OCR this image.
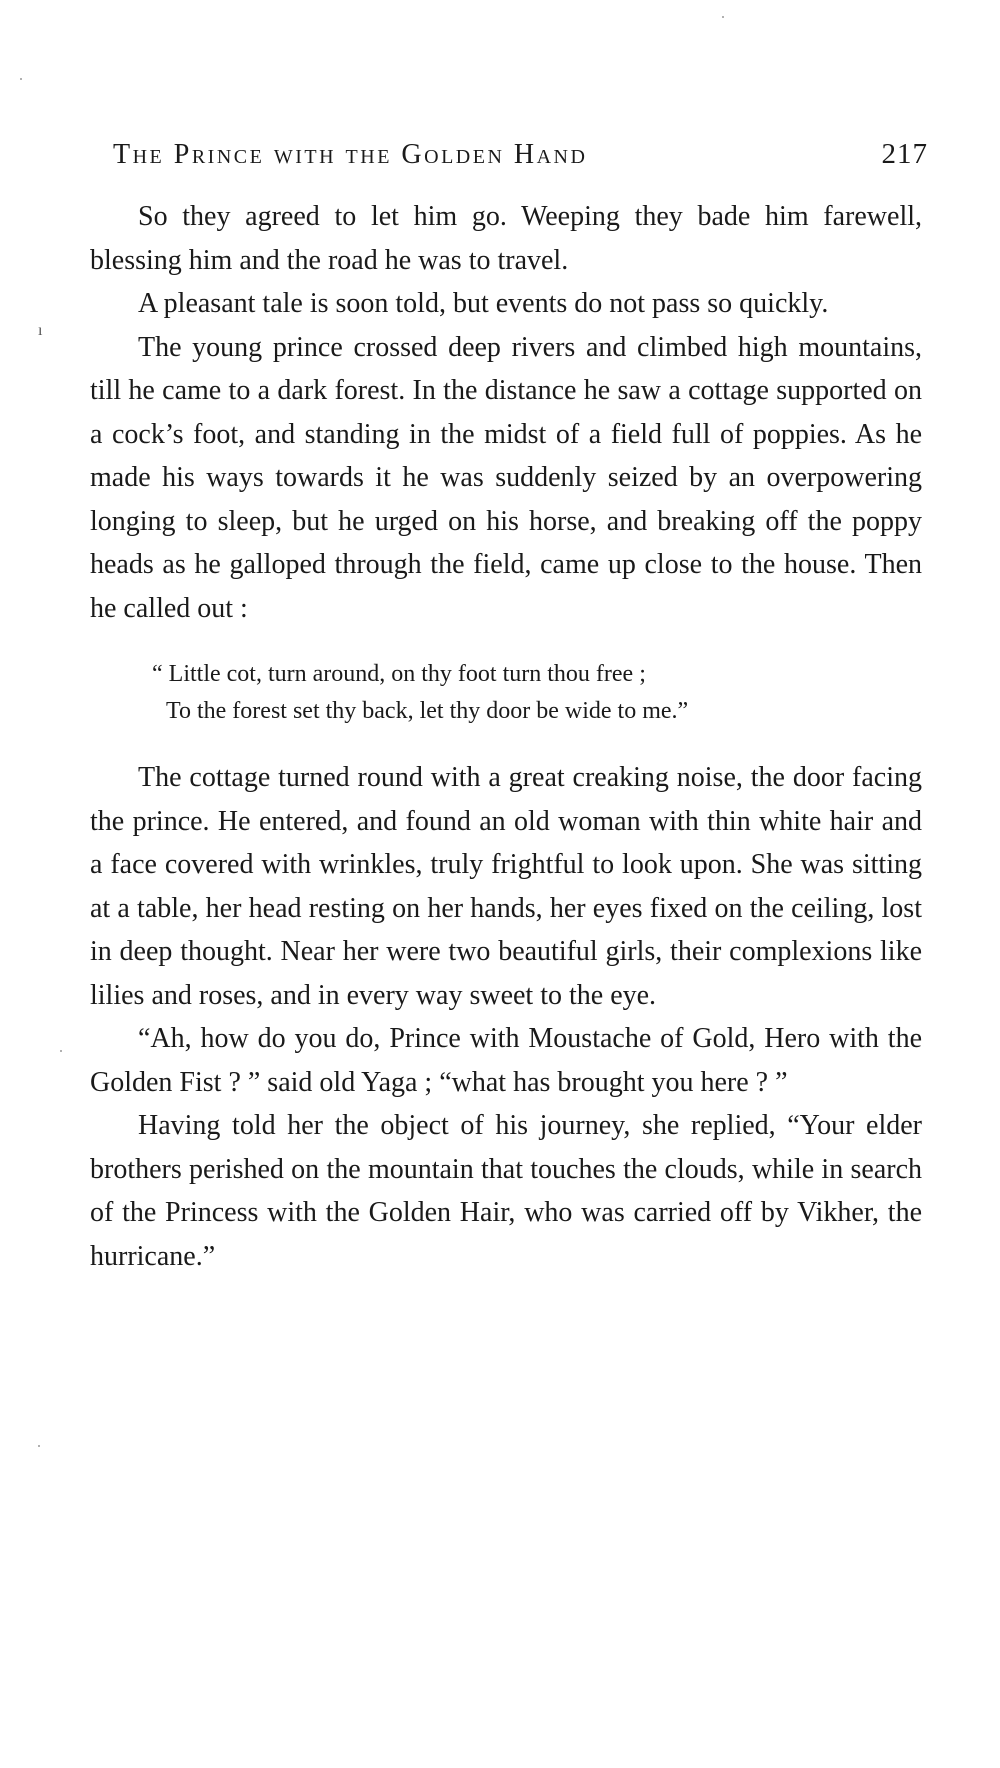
ı
The Prince with the Golden Hand	217

So they agreed to let him go. Weeping they bade him farewell, blessing him and the road he was to travel.

A pleasant tale is soon told, but events do not pass so quickly.

The young prince crossed deep rivers and climbed high mountains, till he came to a dark forest. In the distance he saw a cottage supported on a cock’s foot, and standing in the midst of a field full of poppies. As he made his ways towards it he was suddenly seized by an overpowering longing to sleep, but he urged on his horse, and breaking off the poppy heads as he galloped through the field, came up close to the house. Then he called out :

“ Little cot, turn around, on thy foot turn thou free ;
To the forest set thy back, let thy door be wide to me.”

The cottage turned round with a great creaking noise, the door facing the prince. He entered, and found an old woman with thin white hair and a face covered with wrinkles, truly frightful to look upon. She was sitting at a table, her head resting on her hands, her eyes fixed on the ceiling, lost in deep thought. Near her were two beautiful girls, their complexions like lilies and roses, and in every way sweet to the eye.

“Ah, how do you do, Prince with Moustache of Gold, Hero with the Golden Fist ? ” said old Yaga ; “what has brought you here ? ”

Having told her the object of his journey, she replied, “Your elder brothers perished on the mountain that touches the clouds, while in search of the Princess with the Golden Hair, who was carried off by Vikher, the hurricane.”
